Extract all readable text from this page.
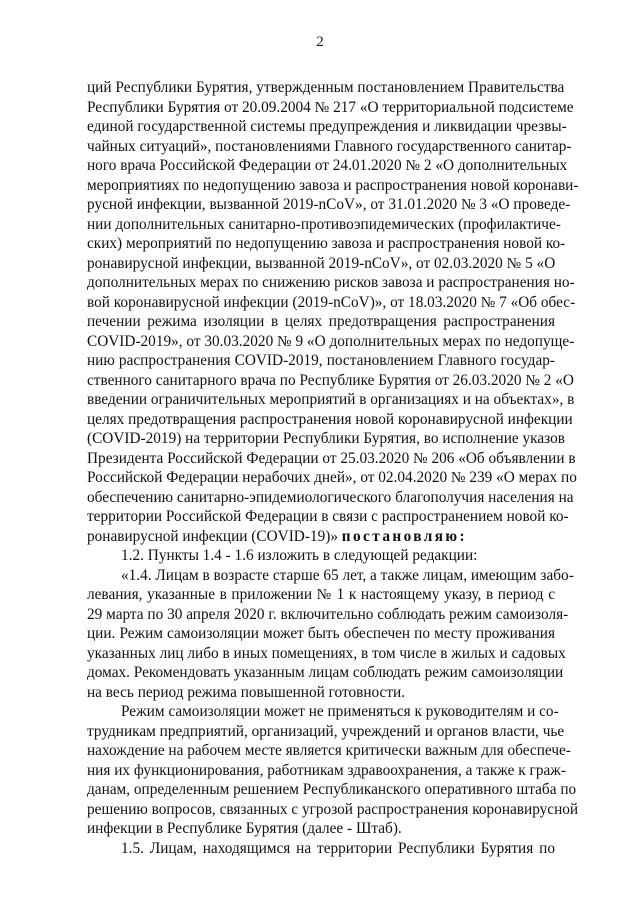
2
ций Республики Бурятия, утвержденным постановлением Правительства
Республики Бурятия от 20.09.2004 № 217 «О территориальной подсистеме
единой государственной системы предупреждения и ликвидации чрезвы-
чайных ситуаций», постановлениями Главного государственного санитар-
ного врача Российской Федерации от 24.01.2020 № 2 «О дополнительных
мероприятиях по недопущению завоза и распространения новой коронави-
русной инфекции, вызванной 2019-nCoV», от 31.01.2020 № 3 «О проведе-
нии дополнительных санитарно-противоэпидемических (профилактиче-
ских) мероприятий по недопущению завоза и распространения новой ко-
ронавирусной инфекции, вызванной 2019-nCoV», от 02.03.2020 № 5 «О
дополнительных мерах по снижению рисков завоза и распространения но-
вой коронавирусной инфекции (2019-nCoV)», от 18.03.2020 № 7 «Об обес-
печении режима изоляции в целях предотвращения распространения
COVID-2019», от 30.03.2020 № 9 «О дополнительных мерах по недопуще-
нию распространения COVID-2019, постановлением Главного государ-
ственного санитарного врача по Республике Бурятия от 26.03.2020 № 2 «О
введении ограничительных мероприятий в организациях и на объектах», в
целях предотвращения распространения новой коронавирусной инфекции
(COVID-2019) на территории Республики Бурятия, во исполнение указов
Президента Российской Федерации от 25.03.2020 № 206 «Об объявлении в
Российской Федерации нерабочих дней», от 02.04.2020 № 239 «О мерах по
обеспечению санитарно-эпидемиологического благополучия населения на
территории Российской Федерации в связи с распространением новой ко-
ронавирусной инфекции (COVID-19)» постановляю:
1.2. Пункты 1.4 - 1.6 изложить в следующей редакции:
«1.4. Лицам в возрасте старше 65 лет, а также лицам, имеющим забо-
левания, указанные в приложении № 1 к настоящему указу, в период с
29 марта по 30 апреля 2020 г. включительно соблюдать режим самоизоля-
ции. Режим самоизоляции может быть обеспечен по месту проживания
указанных лиц либо в иных помещениях, в том числе в жилых и садовых
домах. Рекомендовать указанным лицам соблюдать режим самоизоляции
на весь период режима повышенной готовности.
Режим самоизоляции может не применяться к руководителям и со-
трудникам предприятий, организаций, учреждений и органов власти, чье
нахождение на рабочем месте является критически важным для обеспече-
ния их функционирования, работникам здравоохранения, а также к граж-
данам, определенным решением Республиканского оперативного штаба по
решению вопросов, связанных с угрозой распространения коронавирусной
инфекции в Республике Бурятия (далее - Штаб).
1.5. Лицам, находящимся на территории Республики Бурятия по
